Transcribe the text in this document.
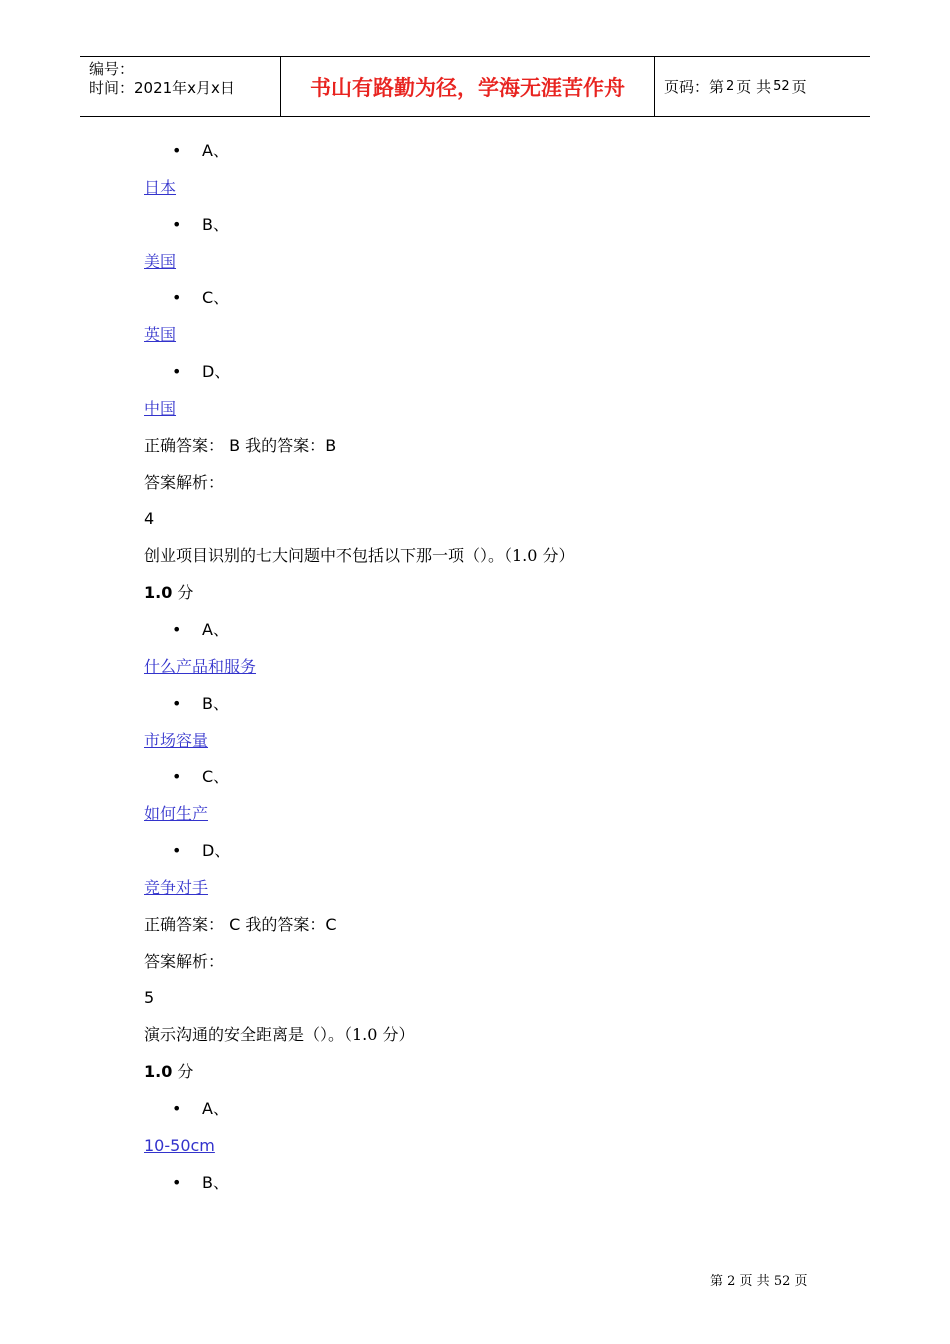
编号：
时间：2021年x月x日	书山有路勤为径，学海无涯苦作舟	页码：第 2 页 共 52 页
• A、
日本
• B、
美国
• C、
英国
• D、
中国
正确答案： B 我的答案：B
答案解析：
4
创业项目识别的七大问题中不包括以下那一项（）。（1.0 分）
1.0 分
• A、
什么产品和服务
• B、
市场容量
• C、
如何生产
• D、
竞争对手
正确答案： C 我的答案：C
答案解析：
5
演示沟通的安全距离是（）。（1.0 分）
1.0 分
• A、
10-50cm
• B、
第 2 页 共 52 页
